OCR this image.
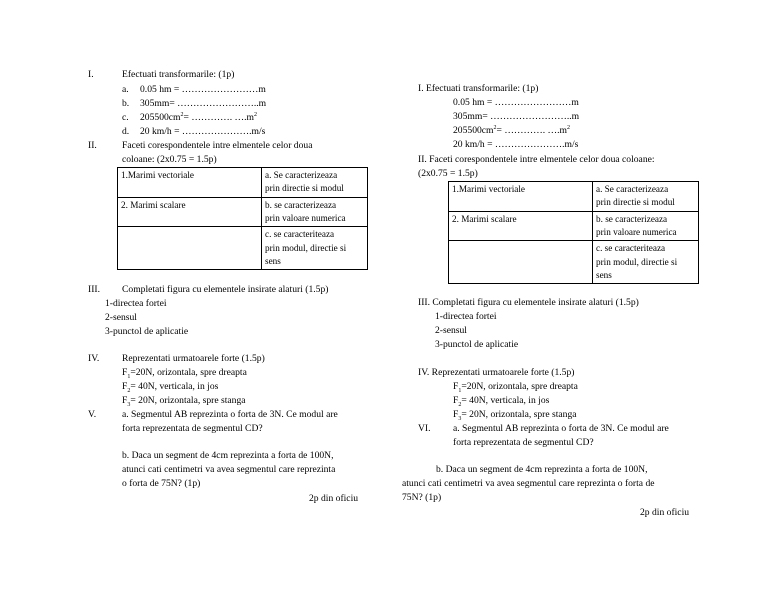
I.	Efectuati transformarile: (1p)
a. 0.05 hm = ……………………m
b. 305mm= ……………………..m
c. $205500cm^2=$ …………. $\dots.m^2$
d. 20 km/h = ………………….m/s
II.	Faceti corespondentele intre elmentele celor doua
coloane: (2x0.75 = 1.5p)
1.Marimi vectoriale	a. Se caracterizeaza
prin directie si modul
2. Marimi scalare	b. se caracterizeaza
prin valoare numerica
	c. se caracteriteaza
prin modul, directie si
sens
III. Completati figura cu elementele insirate alaturi (1.5p)
1-directea fortei
2-sensul
3-punctol de aplicatie
IV. Reprezentati urmatoarele forte (1.5p)
$F_1=20N$, orizontala, spre dreapta
$F_2= 40N$, verticala, in jos
$F_3= 20N$, orizontala, spre stanga
V.	a. Segmentul AB reprezinta o forta de 3N. Ce modul are
forta reprezentata de segmentul CD?
b. Daca un segment de 4cm reprezinta a forta de 100N,
atunci cati centimetri va avea segmentul care reprezinta
o forta de 75N? (1p)
2p din oficiu
I. Efectuati transformarile: (1p)
0.05 hm = ……………………m
305mm= ……………………..m
$205500cm^2=$ …………. $\dots.m^2$
20 km/h = ………………….m/s
II. Faceti corespondentele intre elmentele celor doua coloane:
(2x0.75 = 1.5p)
1.Marimi vectoriale	a. Se caracterizeaza
prin directie si modul
2. Marimi scalare	b. se caracterizeaza
prin valoare numerica
	c. se caracteriteaza
prin modul, directie si
sens
III. Completati figura cu elementele insirate alaturi (1.5p)
1-directea fortei
2-sensul
3-punctol de aplicatie
IV. Reprezentati urmatoarele forte (1.5p)
$F_1=20N$, orizontala, spre dreapta
$F_2= 40N$, verticala, in jos
$F_3= 20N$, orizontala, spre stanga
VI. a. Segmentul AB reprezinta o forta de 3N. Ce modul are
forta reprezentata de segmentul CD?
b. Daca un segment de 4cm reprezinta a forta de 100N,
atunci cati centimetri va avea segmentul care reprezinta o forta de
75N? (1p)
2p din oficiu
